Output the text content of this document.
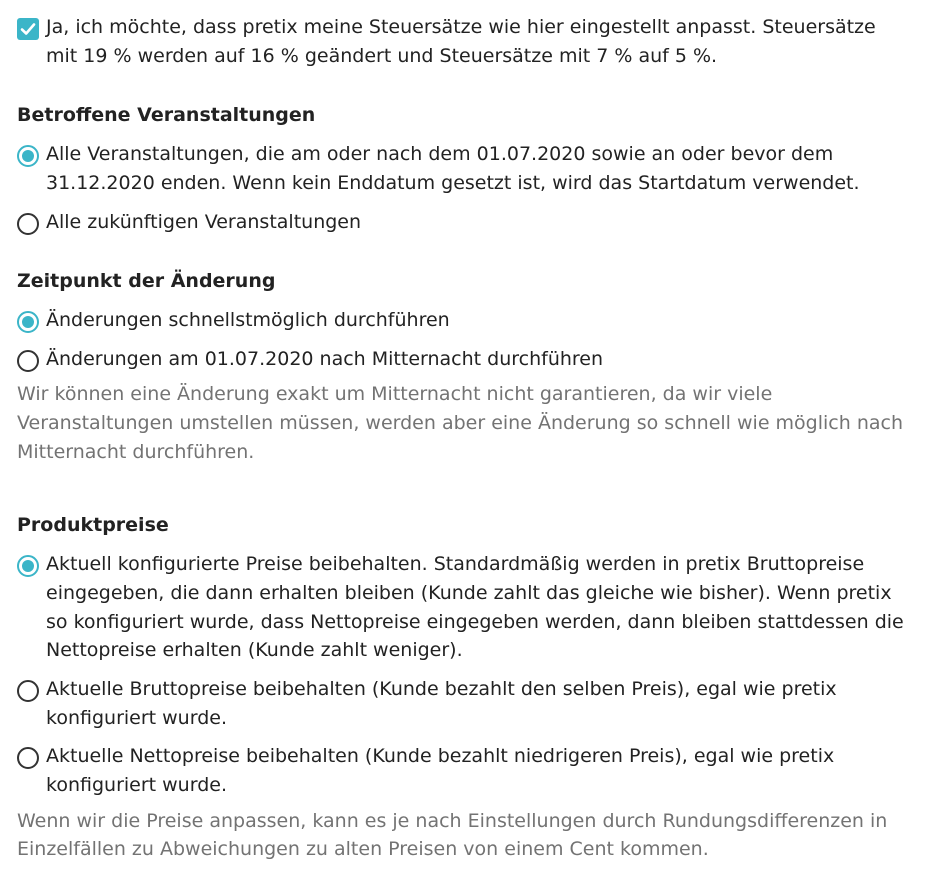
Ja, ich möchte, dass pretix meine Steuersätze wie hier eingestellt anpasst. Steuersätze mit 19 % werden auf 16 % geändert und Steuersätze mit 7 % auf 5 %.
Betroffene Veranstaltungen
Alle Veranstaltungen, die am oder nach dem 01.07.2020 sowie an oder bevor dem 31.12.2020 enden. Wenn kein Enddatum gesetzt ist, wird das Startdatum verwendet.
Alle zukünftigen Veranstaltungen
Zeitpunkt der Änderung
Änderungen schnellstmöglich durchführen
Änderungen am 01.07.2020 nach Mitternacht durchführen
Wir können eine Änderung exakt um Mitternacht nicht garantieren, da wir viele Veranstaltungen umstellen müssen, werden aber eine Änderung so schnell wie möglich nach Mitternacht durchführen.
Produktpreise
Aktuell konfigurierte Preise beibehalten. Standardmäßig werden in pretix Bruttopreise eingegeben, die dann erhalten bleiben (Kunde zahlt das gleiche wie bisher). Wenn pretix so konfiguriert wurde, dass Nettopreise eingegeben werden, dann bleiben stattdessen die Nettopreise erhalten (Kunde zahlt weniger).
Aktuelle Bruttopreise beibehalten (Kunde bezahlt den selben Preis), egal wie pretix konfiguriert wurde.
Aktuelle Nettopreise beibehalten (Kunde bezahlt niedrigeren Preis), egal wie pretix konfiguriert wurde.
Wenn wir die Preise anpassen, kann es je nach Einstellungen durch Rundungsdifferenzen in Einzelfällen zu Abweichungen zu alten Preisen von einem Cent kommen.
